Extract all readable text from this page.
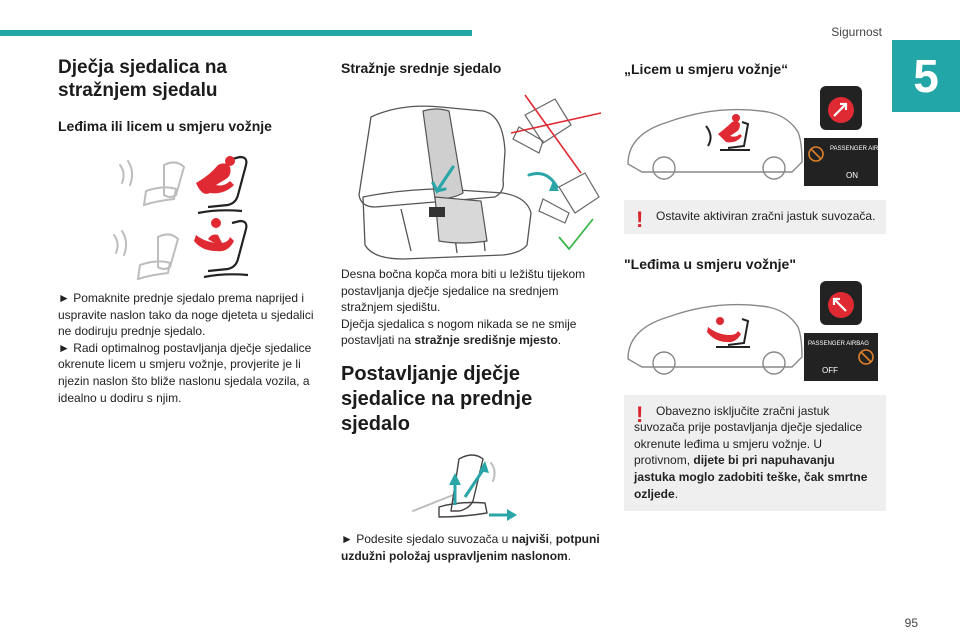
Sigurnost
5
95
Dječja sjedalica na stražnjem sjedalu
Leđima ili licem u smjeru vožnje

► Pomaknite prednje sjedalo prema naprijed i uspravite naslon tako da noge djeteta u sjedalici ne dodiruju prednje sjedalo.

► Radi optimalnog postavljanja dječje sjedalice okrenute licem u smjeru vožnje, provjerite je li njezin naslon što bliže naslonu sjedala vozila, a idealno u dodiru s njim.

Stražnje srednje sjedalo

Desna bočna kopča mora biti u ležištu tijekom postavljanja dječje sjedalice na srednjem stražnjem sjedištu.

Dječja sjedalica s nogom nikada se ne smije postavljati na stražnje središnje mjesto.

Postavljanje dječje sjedalice na prednje sjedalo

► Podesite sjedalo suvozača u najviši, potpuni uzdužni položaj uspravljenim naslonom.

„Licem u smjeru vožnje“
PASSENGER AIRBAG
ON
!	Ostavite aktiviran zračni jastuk suvozača.

"Leđima u smjeru vožnje"
PASSENGER AIRBAG
OFF
!	Obavezno isključite zračni jastuk suvozača prije postavljanja dječje sjedalice okrenute leđima u smjeru vožnje. U protivnom, dijete bi pri napuhavanju jastuka moglo zadobiti teške, čak smrtne ozljede.
